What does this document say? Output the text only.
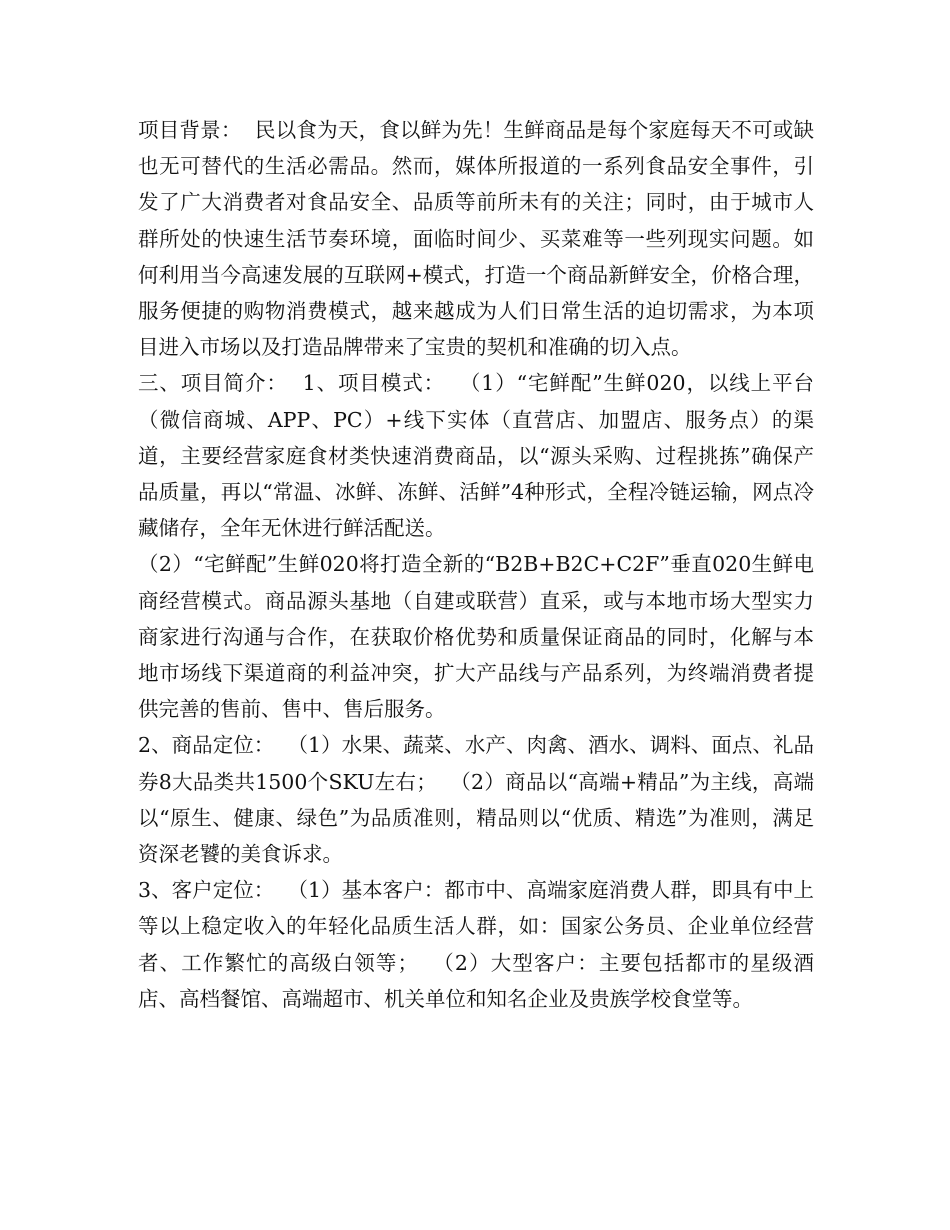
项目背景：  民以食为天，食以鲜为先！生鲜商品是每个家庭每天不可或缺也无可替代的生活必需品。然而，媒体所报道的一系列食品安全事件，引发了广大消费者对食品安全、品质等前所未有的关注；同时，由于城市人群所处的快速生活节奏环境，面临时间少、买菜难等一些列现实问题。如何利用当今高速发展的互联网+模式，打造一个商品新鲜安全，价格合理，服务便捷的购物消费模式，越来越成为人们日常生活的迫切需求，为本项目进入市场以及打造品牌带来了宝贵的契机和准确的切入点。

三、项目简介：  1、项目模式：  （1）“宅鲜配”生鲜020，以线上平台（微信商城、APP、PC）+线下实体（直营店、加盟店、服务点）的渠道，主要经营家庭食材类快速消费商品，以“源头采购、过程挑拣”确保产品质量，再以“常温、冰鲜、冻鲜、活鲜”4种形式，全程冷链运输，网点冷藏储存，全年无休进行鲜活配送。

（2）“宅鲜配”生鲜020将打造全新的“B2B+B2C+C2F”垂直020生鲜电商经营模式。商品源头基地（自建或联营）直采，或与本地市场大型实力商家进行沟通与合作，在获取价格优势和质量保证商品的同时，化解与本地市场线下渠道商的利益冲突，扩大产品线与产品系列，为终端消费者提供完善的售前、售中、售后服务。

2、商品定位：  （1）水果、蔬菜、水产、肉禽、酒水、调料、面点、礼品券8大品类共1500个SKU左右；  （2）商品以“高端+精品”为主线，高端以“原生、健康、绿色”为品质准则，精品则以“优质、精选”为准则，满足资深老饕的美食诉求。

3、客户定位：  （1）基本客户：都市中、高端家庭消费人群，即具有中上等以上稳定收入的年轻化品质生活人群，如：国家公务员、企业单位经营者、工作繁忙的高级白领等；  （2）大型客户：主要包括都市的星级酒店、高档餐馆、高端超市、机关单位和知名企业及贵族学校食堂等。
